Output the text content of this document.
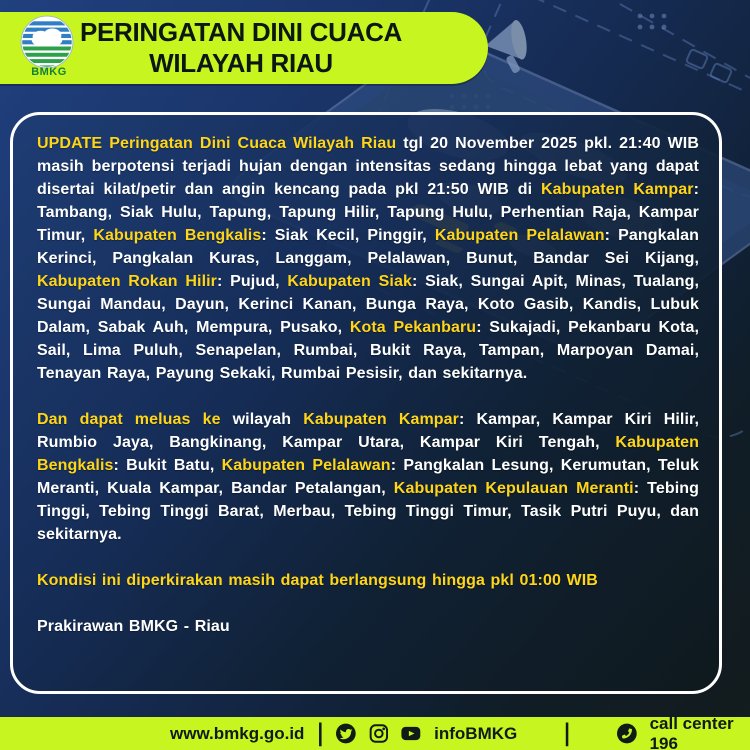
BMKG
PERINGATAN DINI CUACA
WILAYAH RIAU

UPDATE Peringatan Dini Cuaca Wilayah Riau tgl 20 November 2025 pkl. 21:40 WIB masih berpotensi terjadi hujan dengan intensitas sedang hingga lebat yang dapat disertai kilat/petir dan angin kencang pada pkl 21:50 WIB di Kabupaten Kampar: Tambang, Siak Hulu, Tapung, Tapung Hilir, Tapung Hulu, Perhentian Raja, Kampar Timur, Kabupaten Bengkalis: Siak Kecil, Pinggir, Kabupaten Pelalawan: Pangkalan Kerinci, Pangkalan Kuras, Langgam, Pelalawan, Bunut, Bandar Sei Kijang, Kabupaten Rokan Hilir: Pujud, Kabupaten Siak: Siak, Sungai Apit, Minas, Tualang, Sungai Mandau, Dayun, Kerinci Kanan, Bunga Raya, Koto Gasib, Kandis, Lubuk Dalam, Sabak Auh, Mempura, Pusako, Kota Pekanbaru: Sukajadi, Pekanbaru Kota, Sail, Lima Puluh, Senapelan, Rumbai, Bukit Raya, Tampan, Marpoyan Damai, Tenayan Raya, Payung Sekaki, Rumbai Pesisir, dan sekitarnya.

Dan dapat meluas ke wilayah Kabupaten Kampar: Kampar, Kampar Kiri Hilir, Rumbio Jaya, Bangkinang, Kampar Utara, Kampar Kiri Tengah, Kabupaten Bengkalis: Bukit Batu, Kabupaten Pelalawan: Pangkalan Lesung, Kerumutan, Teluk Meranti, Kuala Kampar, Bandar Petalangan, Kabupaten Kepulauan Meranti: Tebing Tinggi, Tebing Tinggi Barat, Merbau, Tebing Tinggi Timur, Tasik Putri Puyu, dan sekitarnya.

Kondisi ini diperkirakan masih dapat berlangsung hingga pkl 01:00 WIB

Prakirawan BMKG - Riau

www.bmkg.go.id |	infoBMKG |	call center 196
